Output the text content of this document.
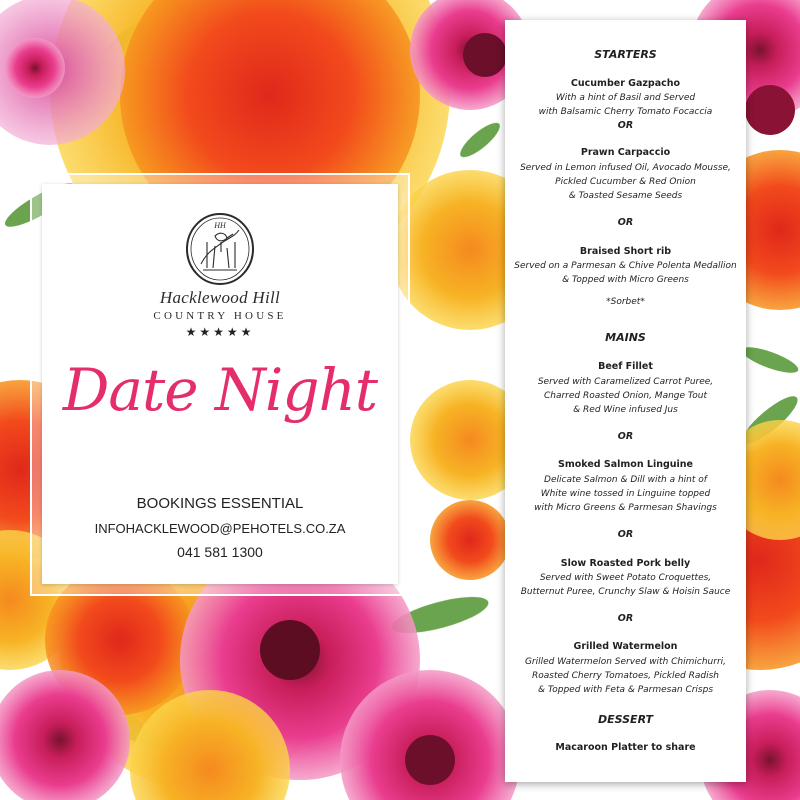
HH
Hacklewood Hill
COUNTRY HOUSE
★★★★★
Date Night
BOOKINGS ESSENTIAL
INFOHACKLEWOOD@PEHOTELS.CO.ZA
041 581 1300
STARTERS
Cucumber Gazpacho
With a hint of Basil and Served
with Balsamic Cherry Tomato Focaccia
OR
Prawn Carpaccio
Served in Lemon infused Oil, Avocado Mousse,
Pickled Cucumber & Red Onion
& Toasted Sesame Seeds
OR
Braised Short rib
Served on a Parmesan & Chive Polenta Medallion
& Topped with Micro Greens
*Sorbet*
MAINS
Beef Fillet
Served with Caramelized Carrot Puree,
Charred Roasted Onion, Mange Tout
& Red Wine infused Jus
OR
Smoked Salmon Linguine
Delicate Salmon & Dill with a hint of
White wine tossed in Linguine topped
with Micro Greens & Parmesan Shavings
OR
Slow Roasted Pork belly
Served with Sweet Potato Croquettes,
Butternut Puree, Crunchy Slaw & Hoisin Sauce
OR
Grilled Watermelon
Grilled Watermelon Served with Chimichurri,
Roasted Cherry Tomatoes, Pickled Radish
& Topped with Feta & Parmesan Crisps
DESSERT
Macaroon Platter to share
